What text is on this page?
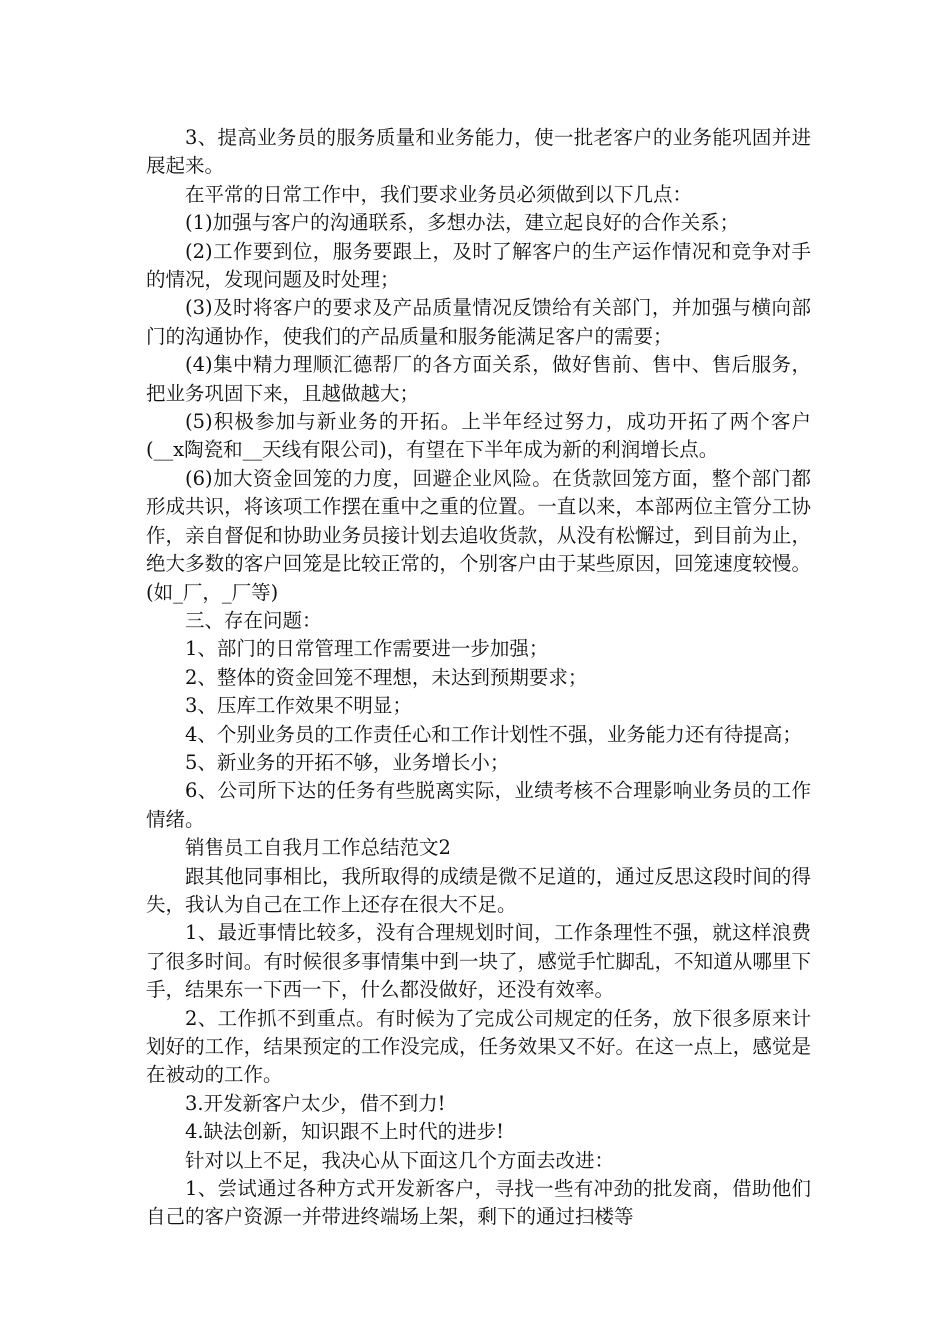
3、提高业务员的服务质量和业务能力，使一批老客户的业务能巩固并进展起来。

在平常的日常工作中，我们要求业务员必须做到以下几点：

(1)加强与客户的沟通联系，多想办法，建立起良好的合作关系；

(2)工作要到位，服务要跟上，及时了解客户的生产运作情况和竞争对手的情况，发现问题及时处理；

(3)及时将客户的要求及产品质量情况反馈给有关部门，并加强与横向部门的沟通协作，使我们的产品质量和服务能满足客户的需要；

(4)集中精力理顺汇德帮厂的各方面关系，做好售前、售中、售后服务，把业务巩固下来，且越做越大；

(5)积极参加与新业务的开拓。上半年经过努力，成功开拓了两个客户(__x陶瓷和__天线有限公司)，有望在下半年成为新的利润增长点。

(6)加大资金回笼的力度，回避企业风险。在货款回笼方面，整个部门都形成共识，将该项工作摆在重中之重的位置。一直以来，本部两位主管分工协作，亲自督促和协助业务员接计划去追收货款，从没有松懈过，到目前为止，绝大多数的客户回笼是比较正常的，个别客户由于某些原因，回笼速度较慢。(如_厂，_厂等)

三、存在问题：

1、部门的日常管理工作需要进一步加强；

2、整体的资金回笼不理想，未达到预期要求；

3、压库工作效果不明显；

4、个别业务员的工作责任心和工作计划性不强，业务能力还有待提高；

5、新业务的开拓不够，业务增长小；

6、公司所下达的任务有些脱离实际，业绩考核不合理影响业务员的工作情绪。

销售员工自我月工作总结范文2

跟其他同事相比，我所取得的成绩是微不足道的，通过反思这段时间的得失，我认为自己在工作上还存在很大不足。

1、最近事情比较多，没有合理规划时间，工作条理性不强，就这样浪费了很多时间。有时候很多事情集中到一块了，感觉手忙脚乱，不知道从哪里下手，结果东一下西一下，什么都没做好，还没有效率。

2、工作抓不到重点。有时候为了完成公司规定的任务，放下很多原来计划好的工作，结果预定的工作没完成，任务效果又不好。在这一点上，感觉是在被动的工作。

3.开发新客户太少，借不到力!

4.缺法创新，知识跟不上时代的进步!

针对以上不足，我决心从下面这几个方面去改进：

1、尝试通过各种方式开发新客户，寻找一些有冲劲的批发商，借助他们自己的客户资源一并带进终端场上架，剩下的通过扫楼等
